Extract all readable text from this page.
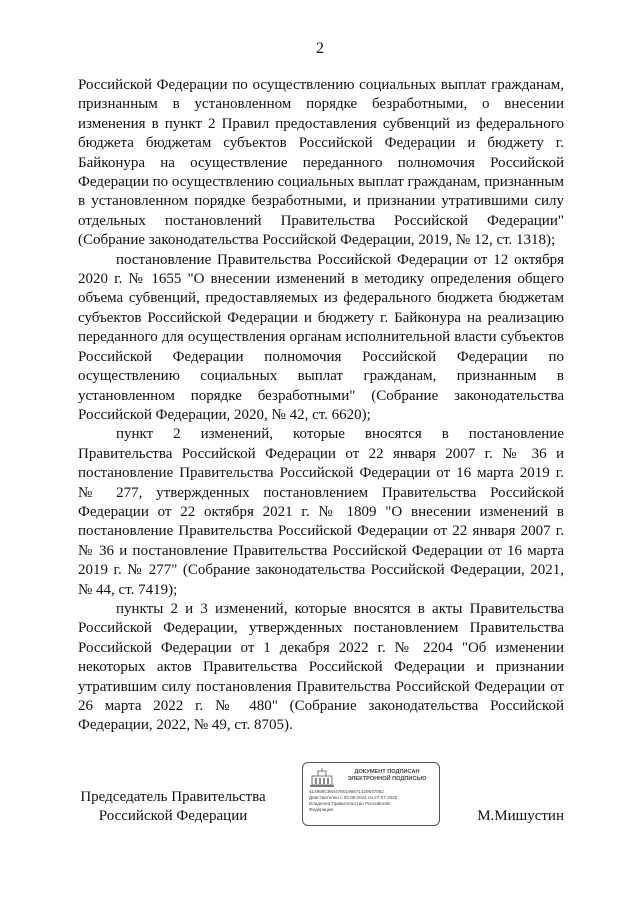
2

Российской Федерации по осуществлению социальных выплат гражданам, признанным в установленном порядке безработными, о внесении изменения в пункт 2 Правил предоставления субвенций из федерального бюджета бюджетам субъектов Российской Федерации и бюджету г. Байконура на осуществление переданного полномочия Российской Федерации по осуществлению социальных выплат гражданам, признанным в установленном порядке безработными, и признании утратившими силу отдельных постановлений Правительства Российской Федерации" (Собрание законодательства Российской Федерации, 2019, № 12, ст. 1318);

постановление Правительства Российской Федерации от 12 октября 2020 г. № 1655 "О внесении изменений в методику определения общего объема субвенций, предоставляемых из федерального бюджета бюджетам субъектов Российской Федерации и бюджету г. Байконура на реализацию переданного для осуществления органам исполнительной власти субъектов Российской Федерации полномочия Российской Федерации по осуществлению социальных выплат гражданам, признанным в установленном порядке безработными" (Собрание законодательства Российской Федерации, 2020, № 42, ст. 6620);

пункт 2 изменений, которые вносятся в постановление Правительства Российской Федерации от 22 января 2007 г. № 36 и постановление Правительства Российской Федерации от 16 марта 2019 г. № 277, утвержденных постановлением Правительства Российской Федерации от 22 октября 2021 г. № 1809 "О внесении изменений в постановление Правительства Российской Федерации от 22 января 2007 г. № 36 и постановление Правительства Российской Федерации от 16 марта 2019 г. № 277" (Собрание законодательства Российской Федерации, 2021, № 44, ст. 7419);

пункты 2 и 3 изменений, которые вносятся в акты Правительства Российской Федерации, утвержденных постановлением Правительства Российской Федерации от 1 декабря 2022 г. № 2204 "Об изменении некоторых актов Правительства Российской Федерации и признании утратившим силу постановления Правительства Российской Федерации от 26 марта 2022 г. № 480" (Собрание законодательства Российской Федерации, 2022, № 49, ст. 8705).

Председатель Правительства
Российской Федерации
ДОКУМЕНТ ПОДПИСАН
ЭЛЕКТРОННОЙ ПОДПИСЬЮ
414968C9844780196671429837082
Действителен с 03.05.2024 по 27.07.2025
Владелец Правительство Российской
Федерации	М.Мишустин
